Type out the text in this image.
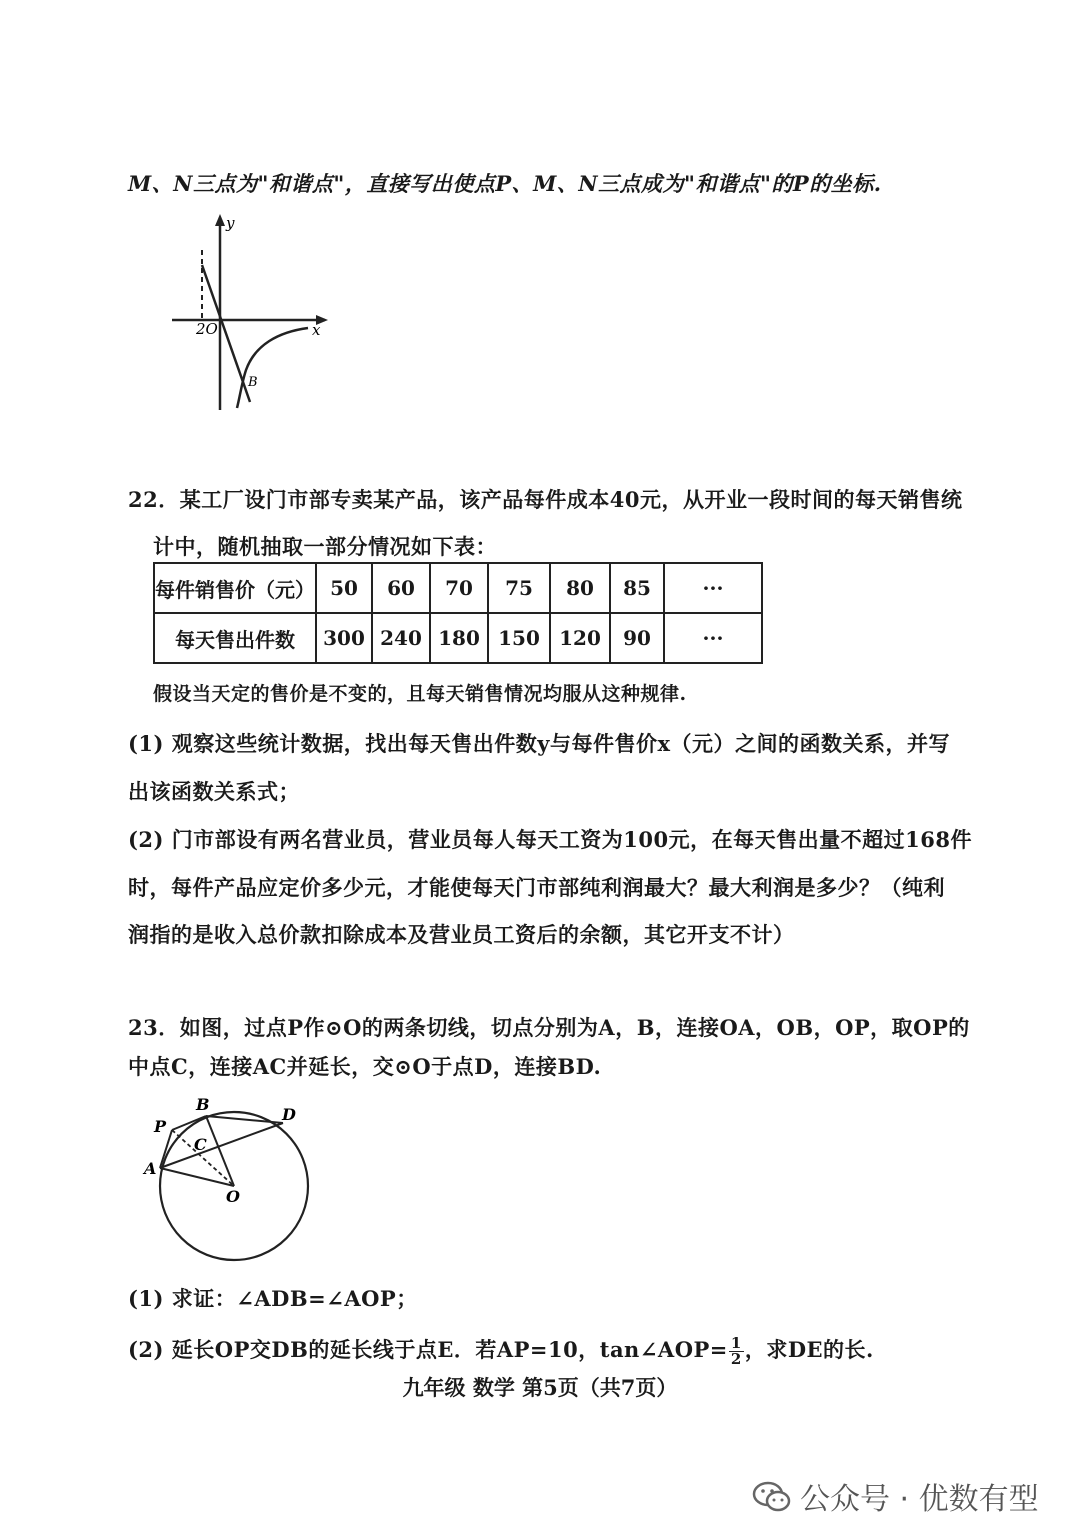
M、N三点为"和谐点"，直接写出使点P、M、N三点成为"和谐点"的P的坐标.
y
x
2O
B
22．某工厂设门市部专卖某产品，该产品每件成本40元，从开业一段时间的每天销售统
计中，随机抽取一部分情况如下表：
每件销售价（元）	50	60	70	75	80	85	···
每天售出件数	300	240	180	150	120	90	···
假设当天定的售价是不变的，且每天销售情况均服从这种规律.
(1) 观察这些统计数据，找出每天售出件数y与每件售价x（元）之间的函数关系，并写
出该函数关系式；
(2) 门市部设有两名营业员，营业员每人每天工资为100元，在每天售出量不超过168件
时，每件产品应定价多少元，才能使每天门市部纯利润最大？最大利润是多少？（纯利
润指的是收入总价款扣除成本及营业员工资后的余额，其它开支不计）
23．如图，过点P作⊙O的两条切线，切点分别为A，B，连接OA，OB，OP，取OP的
中点C，连接AC并延长，交⊙O于点D，连接BD.
P
B
D
C
A
O
(1) 求证：∠ADB=∠AOP；
(2) 延长OP交DB的延长线于点E．若AP=10，tan∠AOP= $\frac{1}{2}$ ，求DE的长.
九年级 数学 第5页（共7页）
公众号 · 优数有型
